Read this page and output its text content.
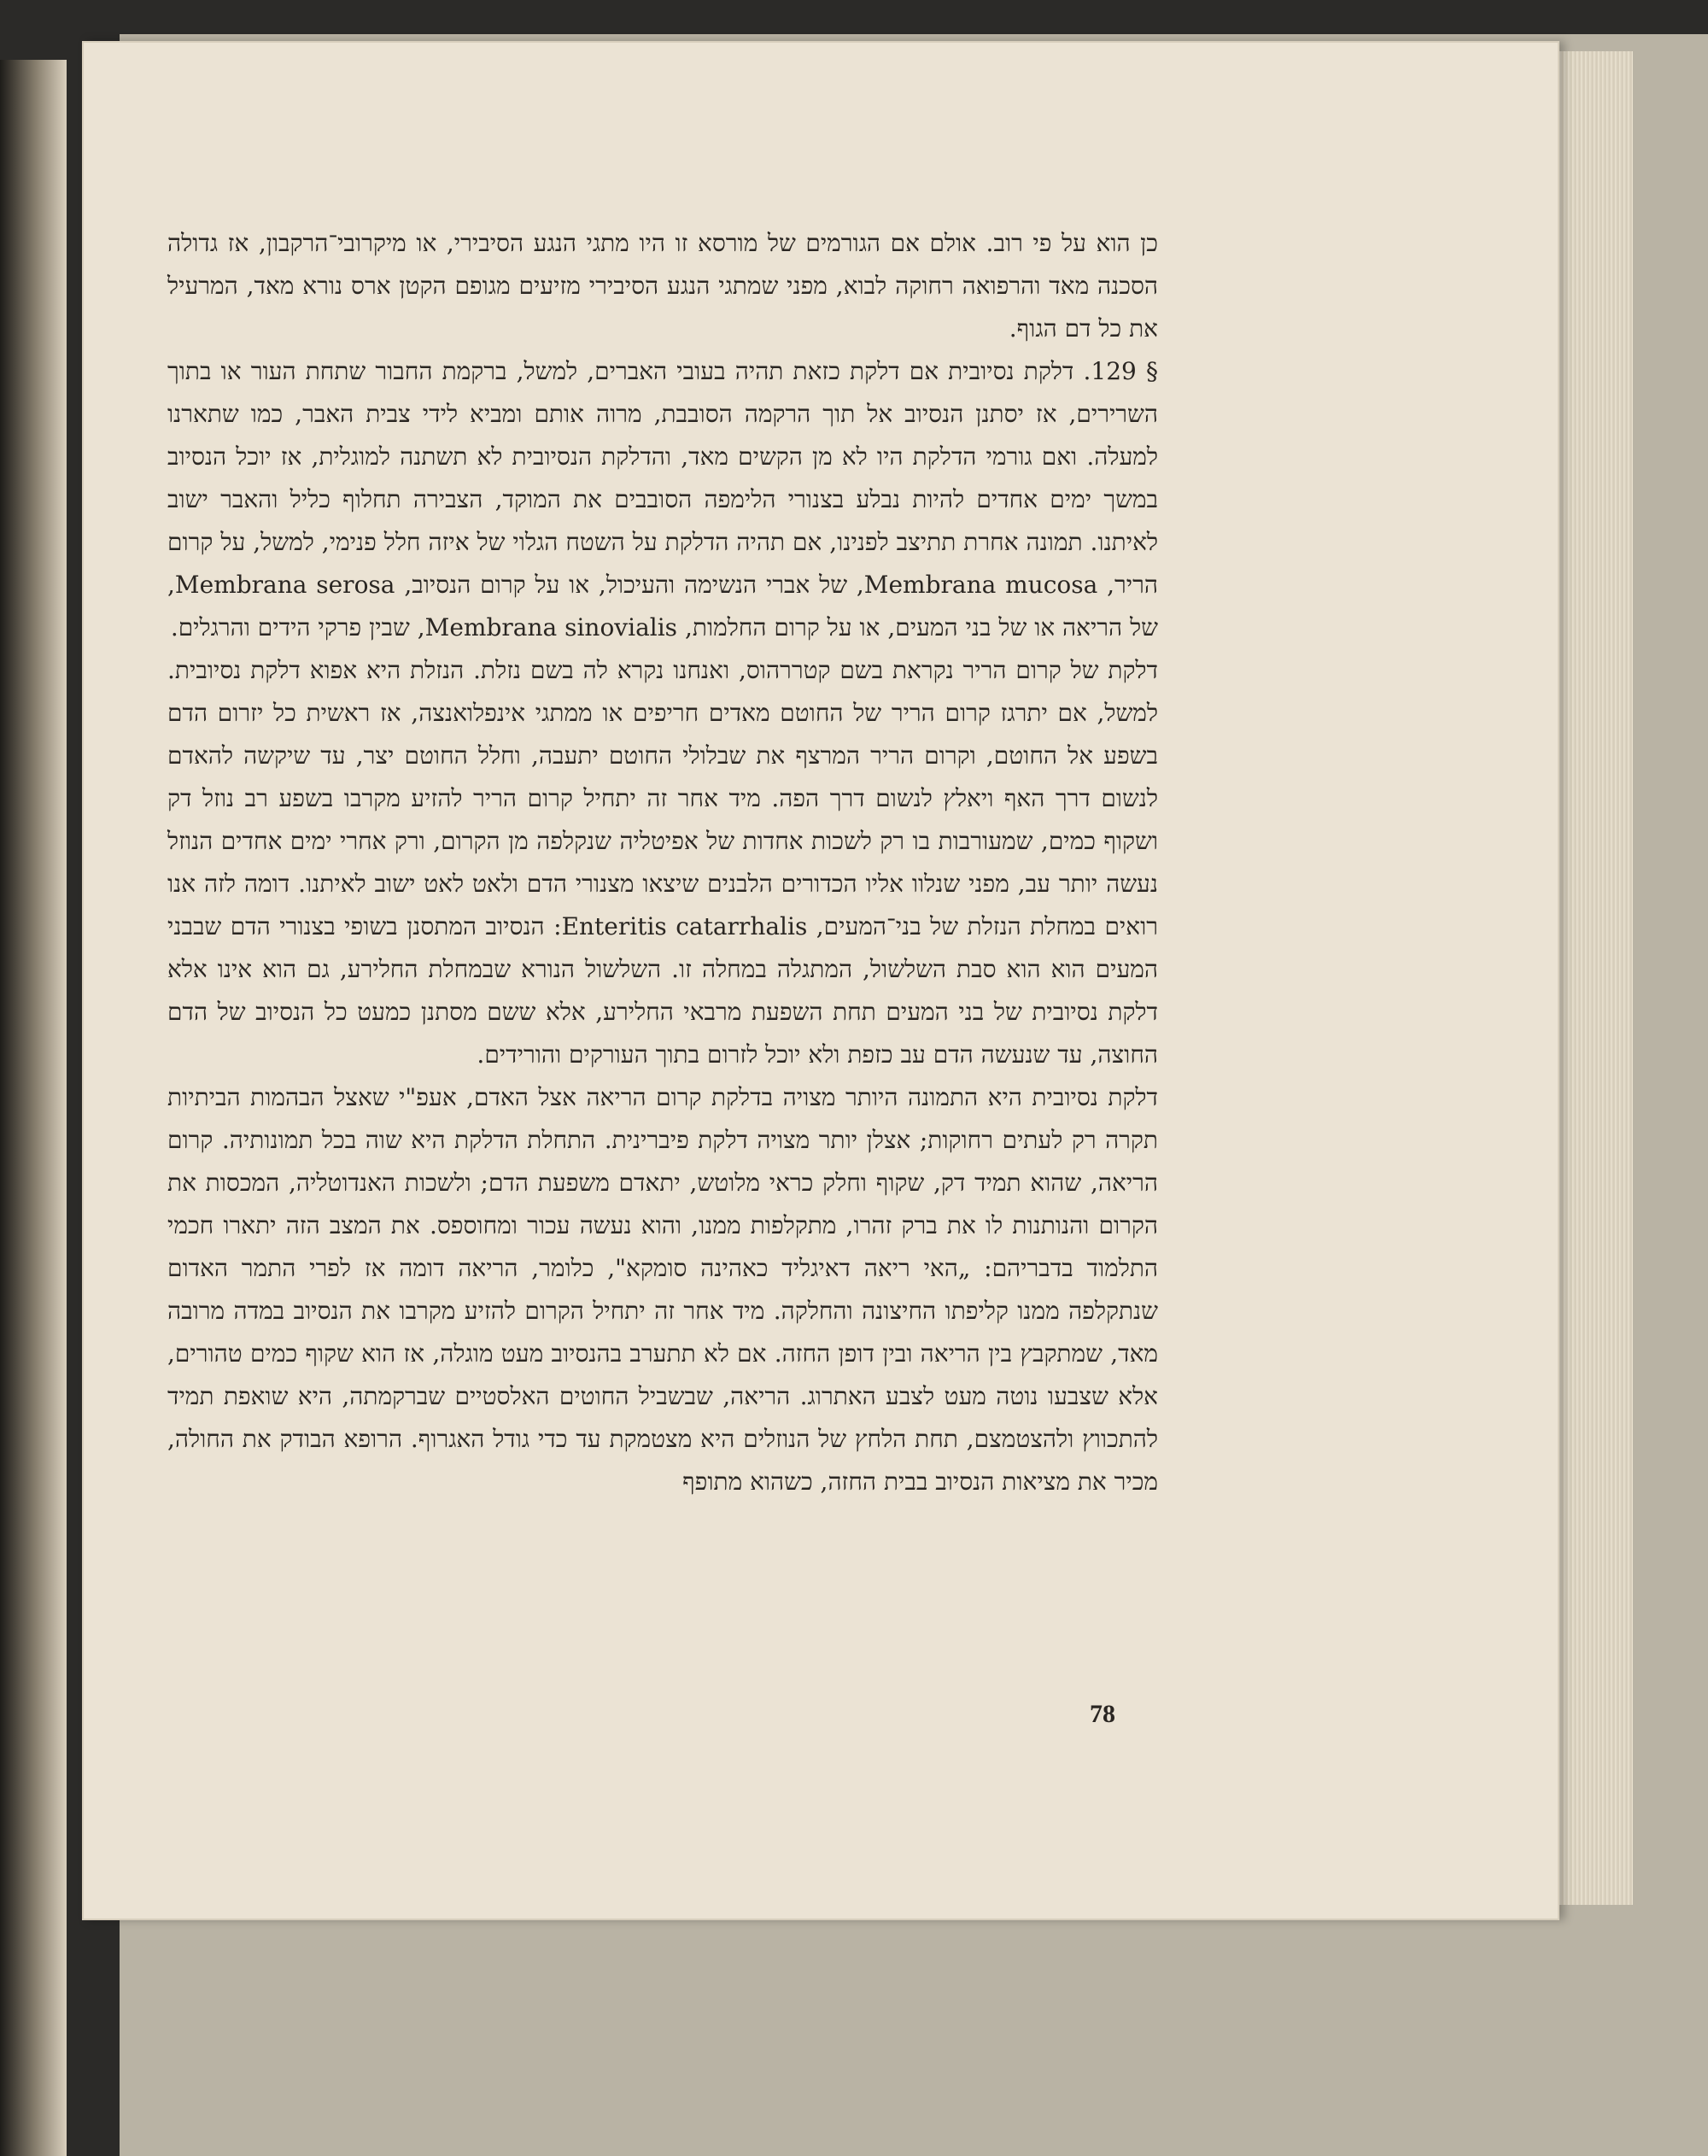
כן הוא על פי רוב. אולם אם הגורמים של מורסא זו היו מתגי הנגע הסיבירי, או מיקרובי־הרקבון, אז גדולה הסכנה מאד והרפואה רחוקה לבוא, מפני שמתגי הנגע הסיבירי מזיעים מגופם הקטן ארס נורא מאד, המרעיל את כל דם הגוף.

§ 129. דלקת נסיובית אם דלקת כזאת תהיה בעובי האברים, למשל, ברקמת החבור שתחת העור או בתוך השרירים, אז יסתנן הנסיוב אל תוך הרקמה הסובבת, מרוה אותם ומביא לידי צבית האבר, כמו שתארנו למעלה. ואם גורמי הדלקת היו לא מן הקשים מאד, והדלקת הנסיובית לא תשתנה למוגלית, אז יוכל הנסיוב במשך ימים אחדים להיות נבלע בצנורי הלימפה הסובבים את המוקד, הצבירה תחלוף כליל והאבר ישוב לאיתנו. תמונה אחרת תתיצב לפנינו, אם תהיה הדלקת על השטח הגלוי של איזה חלל פנימי, למשל, על קרום הריר, Membrana mucosa, של אברי הנשימה והעיכול, או על קרום הנסיוב, Membrana serosa, של הריאה או של בני המעים, או על קרום החלמות, Membrana sinovialis, שבין פרקי הידים והרגלים.

דלקת של קרום הריר נקראת בשם קטררהוס, ואנחנו נקרא לה בשם נזלת. הנזלת היא אפוא דלקת נסיובית. למשל, אם יתרגז קרום הריר של החוטם מאדים חריפים או ממתגי אינפלואנצה, אז ראשית כל יזרום הדם בשפע אל החוטם, וקרום הריר המרצף את שבלולי החוטם יתעבה, וחלל החוטם יצר, עד שיקשה להאדם לנשום דרך האף ויאלץ לנשום דרך הפה. מיד אחר זה יתחיל קרום הריר להזיע מקרבו בשפע רב נוזל דק ושקוף כמים, שמעורבות בו רק לשכות אחדות של אפיטליה שנקלפה מן הקרום, ורק אחרי ימים אחדים הנוזל נעשה יותר עב, מפני שנלוו אליו הכדורים הלבנים שיצאו מצנורי הדם ולאט לאט ישוב לאיתנו. דומה לזה אנו רואים במחלת הנזלת של בני־המעים, Enteritis catarrhalis: הנסיוב המתסנן בשופי בצנורי הדם שבבני המעים הוא הוא סבת השלשול, המתגלה במחלה זו. השלשול הנורא שבמחלת החלירע, גם הוא אינו אלא דלקת נסיובית של בני המעים תחת השפעת מרבאי החלירע, אלא ששם מסתנן כמעט כל הנסיוב של הדם החוצה, עד שנעשה הדם עב כזפת ולא יוכל לזרום בתוך העורקים והורידים.

דלקת נסיובית היא התמונה היותר מצויה בדלקת קרום הריאה אצל האדם, אעפ"י שאצל הבהמות הביתיות תקרה רק לעתים רחוקות; אצלן יותר מצויה דלקת פיברינית. התחלת הדלקת היא שוה בכל תמונותיה. קרום הריאה, שהוא תמיד דק, שקוף וחלק כראי מלוטש, יתאדם משפעת הדם; ולשכות האנדוטליה, המכסות את הקרום והנותנות לו את ברק זהרו, מתקלפות ממנו, והוא נעשה עכור ומחוספס. את המצב הזה יתארו חכמי התלמוד בדבריהם: „האי ריאה דאיגליד כאהינה סומקא", כלומר, הריאה דומה אז לפרי התמר האדום שנתקלפה ממנו קליפתו החיצונה והחלקה. מיד אחר זה יתחיל הקרום להזיע מקרבו את הנסיוב במדה מרובה מאד, שמתקבץ בין הריאה ובין דופן החזה. אם לא תתערב בהנסיוב מעט מוגלה, אז הוא שקוף כמים טהורים, אלא שצבעו נוטה מעט לצבע האתרוג. הריאה, שבשביל החוטים האלסטיים שברקמתה, היא שואפת תמיד להתכווץ ולהצטמצם, תחת הלחץ של הנוזלים היא מצטמקת עד כדי גודל האגרוף. הרופא הבודק את החולה, מכיר את מציאות הנסיוב בבית החזה, כשהוא מתופף

78
